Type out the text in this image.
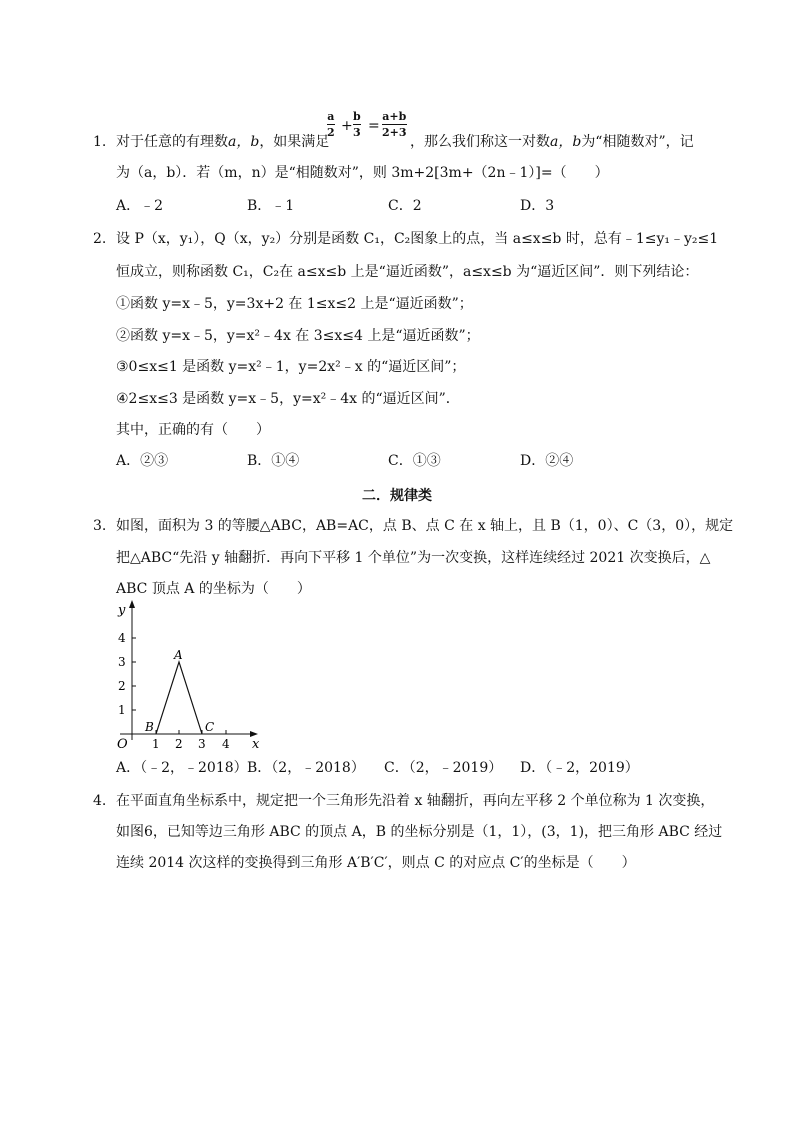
1. 对于任意的有理数a，b，如果满足
a
2 +
b
3 =
a+b
2+3
，那么我们称这一对数a，b为“相随数对”，记
为（a，b）．若（m，n）是“相随数对”，则 3m+2[3m+（2n﹣1）]=（　　）
A．﹣2	B．﹣1	C．2	D．3
2. 设 P（x，y₁），Q（x，y₂）分别是函数 C₁，C₂图象上的点，当 a≤x≤b 时，总有﹣1≤y₁﹣y₂≤1
恒成立，则称函数 C₁，C₂在 a≤x≤b 上是“逼近函数”，a≤x≤b 为“逼近区间”．则下列结论：
①函数 y=x﹣5，y=3x+2 在 1≤x≤2 上是“逼近函数”；
②函数 y=x﹣5，y=x²﹣4x 在 3≤x≤4 上是“逼近函数”；
③0≤x≤1 是函数 y=x²﹣1，y=2x²﹣x 的“逼近区间”；
④2≤x≤3 是函数 y=x﹣5，y=x²﹣4x 的“逼近区间”．
其中，正确的有（　　）
A．②③	B．①④	C．①③	D．②④
二．规律类
3. 如图，面积为 3 的等腰△ABC，AB=AC，点 B、点 C 在 x 轴上，且 B（1，0）、C（3，0），规定
把△ABC“先沿 y 轴翻折．再向下平移 1 个单位”为一次变换，这样连续经过 2021 次变换后，△
ABC 顶点 A 的坐标为（　　）
y
x
O
1
2
3
4
1 2 3 4
A
B	C
A．（﹣2，﹣2018） B．（2，﹣2018） C．（2，﹣2019） D．（﹣2，2019）
4. 在平面直角坐标系中，规定把一个三角形先沿着 x 轴翻折，再向左平移 2 个单位称为 1 次变换，
如图6，已知等边三角形 ABC 的顶点 A，B 的坐标分别是（1，1），(3，1)，把三角形 ABC 经过
连续 2014 次这样的变换得到三角形 A′B′C′，则点 C 的对应点 C′的坐标是（　　）
